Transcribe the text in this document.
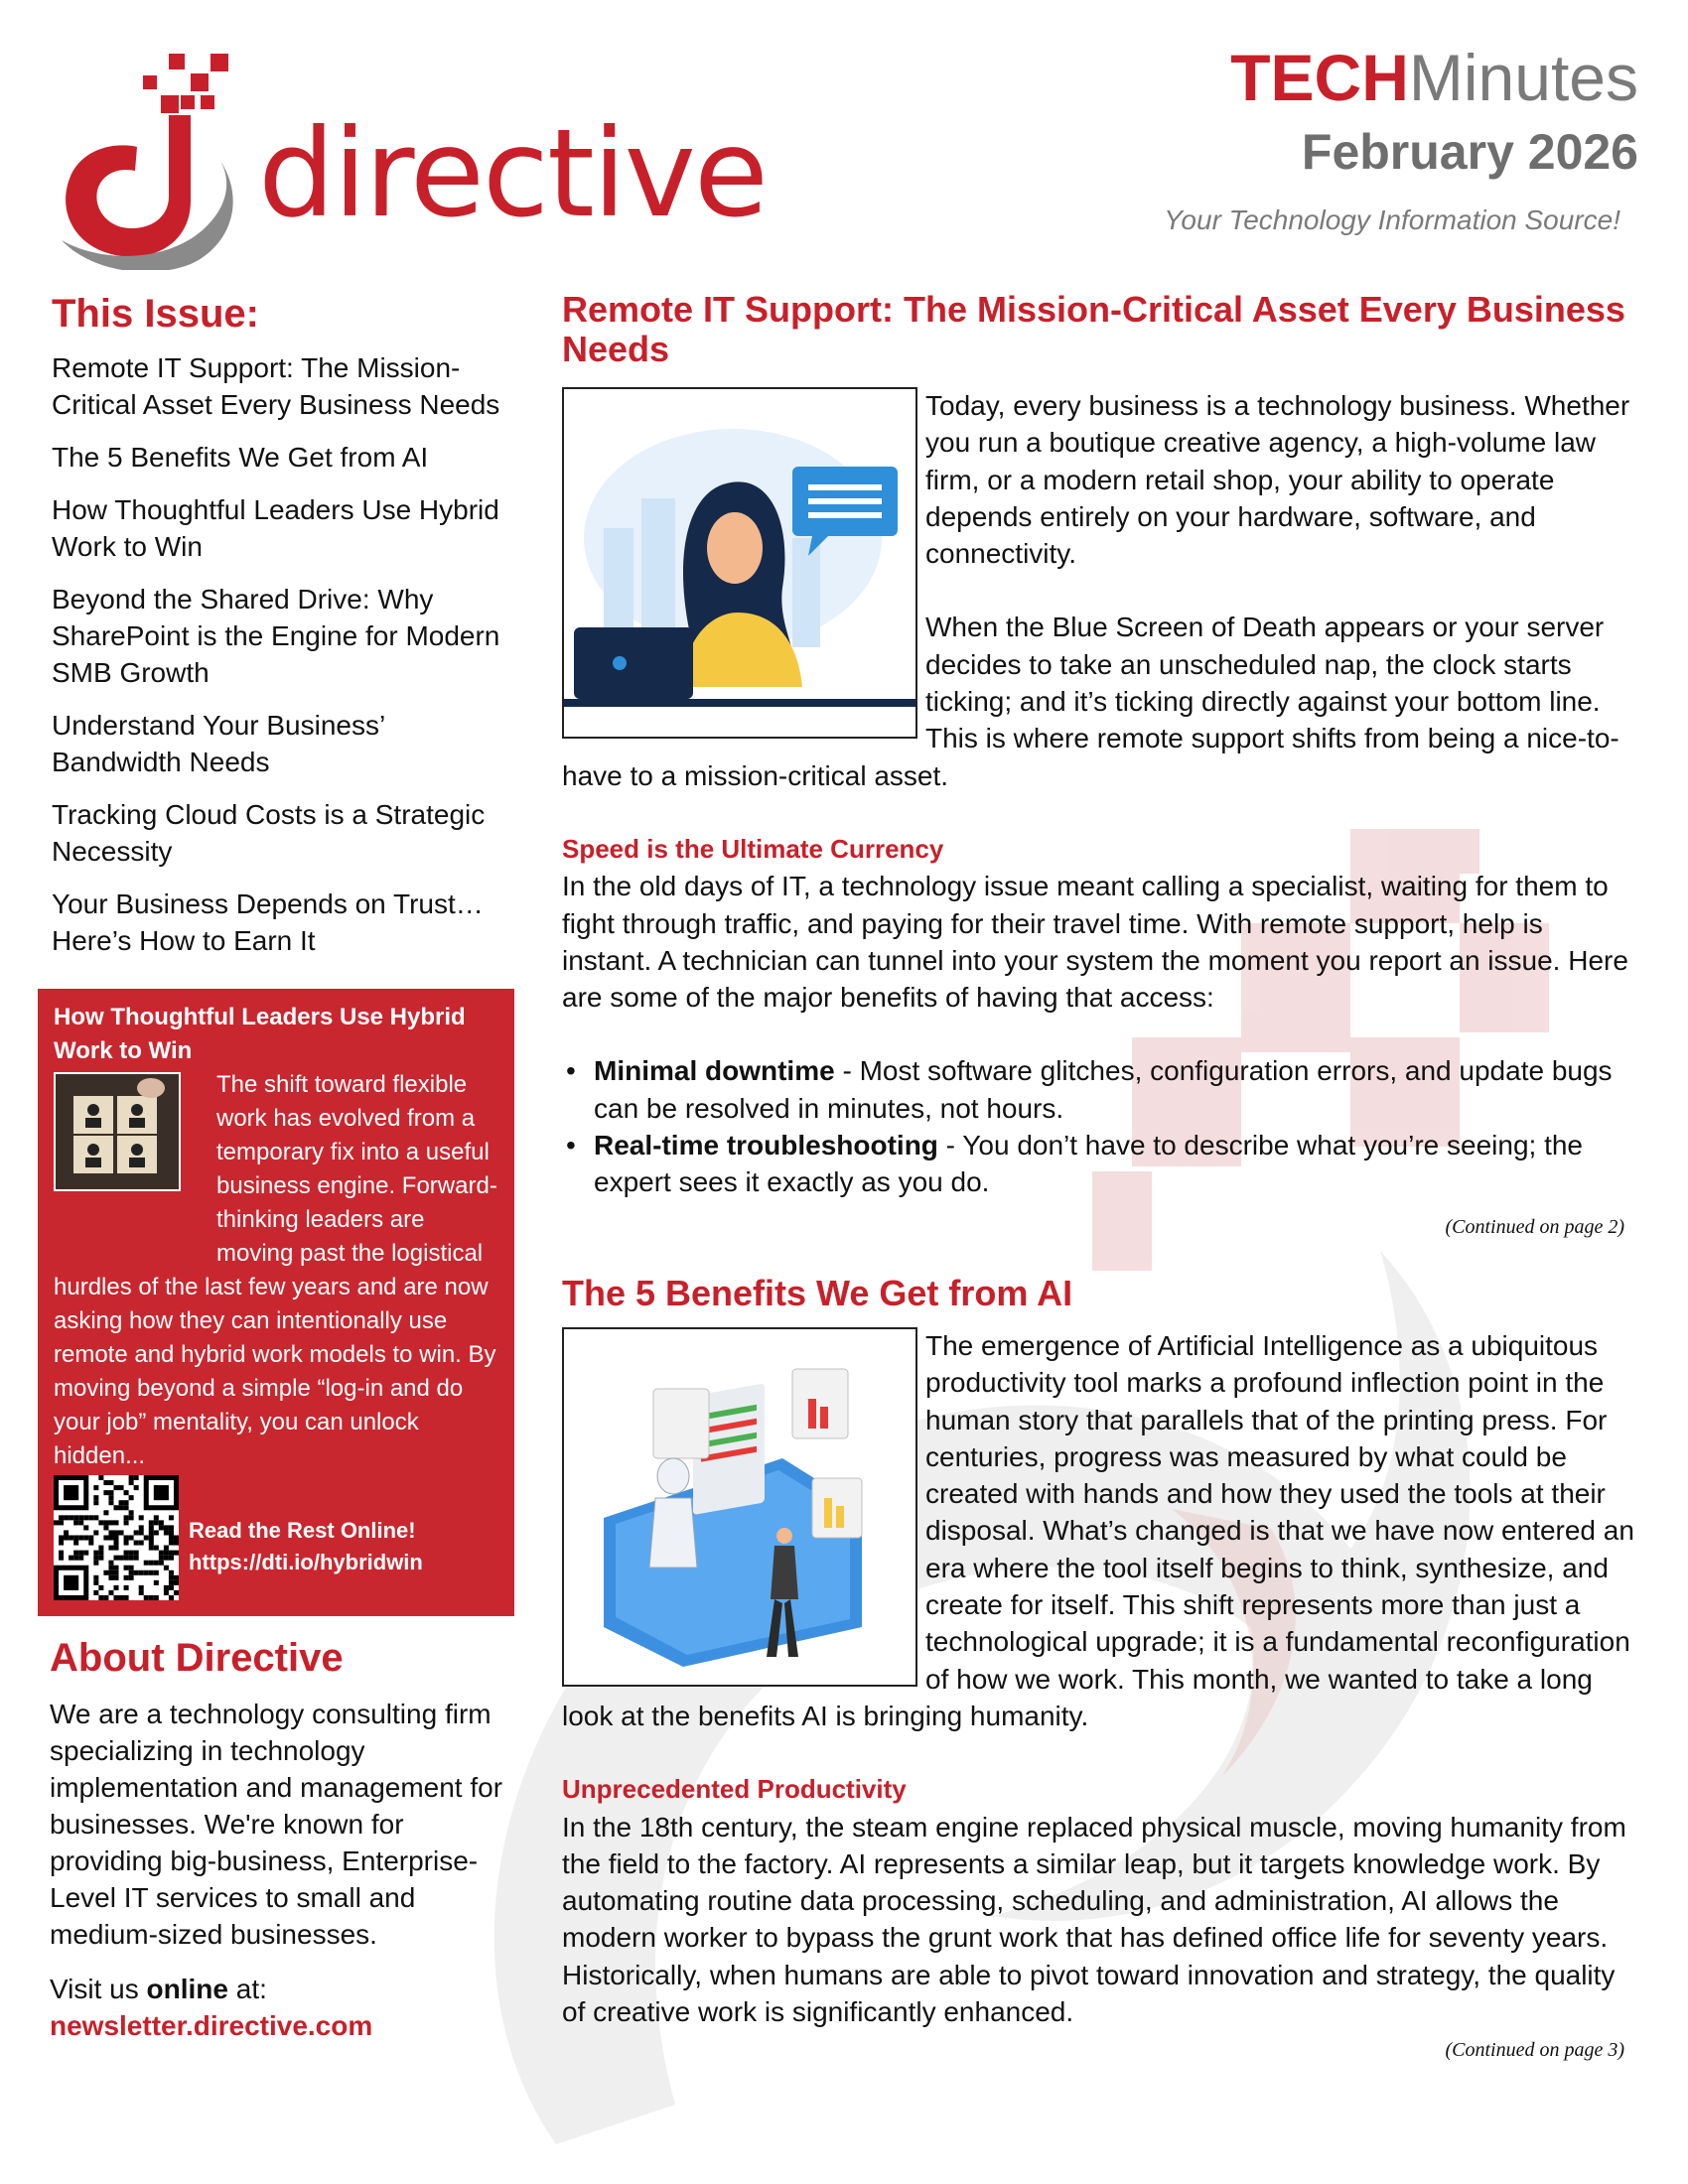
directive
TECHMinutes
February 2026
Your Technology Information Source!
This Issue:
Remote IT Support: The Mission-Critical Asset Every Business Needs
The 5 Benefits We Get from AI
How Thoughtful Leaders Use Hybrid Work to Win
Beyond the Shared Drive: Why SharePoint is the Engine for Modern SMB Growth
Understand Your Business’ Bandwidth Needs
Tracking Cloud Costs is a Strategic Necessity
Your Business Depends on Trust… Here’s How to Earn It
How Thoughtful Leaders Use Hybrid Work to Win
The shift toward flexible work has evolved from a temporary fix into a useful business engine. Forward-thinking leaders are moving past the logistical hurdles of the last few years and are now asking how they can intentionally use remote and hybrid work models to win. By moving beyond a simple “log-in and do your job” mentality, you can unlock hidden...
Read the Rest Online!
https://dti.io/hybridwin
About Directive
We are a technology consulting firm specializing in technology implementation and management for businesses. We're known for providing big-business, Enterprise-Level IT services to small and medium-sized businesses.
Visit us online at:
newsletter.directive.com
Remote IT Support: The Mission-Critical Asset Every Business Needs

Today, every business is a technology business. Whether you run a boutique creative agency, a high-volume law firm, or a modern retail shop, your ability to operate depends entirely on your hardware, software, and connectivity.

When the Blue Screen of Death appears or your server decides to take an unscheduled nap, the clock starts ticking; and it’s ticking directly against your bottom line. This is where remote support shifts from being a nice-to-have to a mission-critical asset.

Speed is the Ultimate Currency

In the old days of IT, a technology issue meant calling a specialist, waiting for them to fight through traffic, and paying for their travel time. With remote support, help is instant. A technician can tunnel into your system the moment you report an issue. Here are some of the major benefits of having that access:

• Minimal downtime - Most software glitches, configuration errors, and update bugs can be resolved in minutes, not hours.
• Real-time troubleshooting - You don’t have to describe what you’re seeing; the expert sees it exactly as you do.
(Continued on page 2)
The 5 Benefits We Get from AI

The emergence of Artificial Intelligence as a ubiquitous productivity tool marks a profound inflection point in the human story that parallels that of the printing press. For centuries, progress was measured by what could be created with hands and how they used the tools at their disposal. What’s changed is that we have now entered an era where the tool itself begins to think, synthesize, and create for itself. This shift represents more than just a technological upgrade; it is a fundamental reconfiguration of how we work. This month, we wanted to take a long look at the benefits AI is bringing humanity.

Unprecedented Productivity

In the 18th century, the steam engine replaced physical muscle, moving humanity from the field to the factory. AI represents a similar leap, but it targets knowledge work. By automating routine data processing, scheduling, and administration, AI allows the modern worker to bypass the grunt work that has defined office life for seventy years. Historically, when humans are able to pivot toward innovation and strategy, the quality of creative work is significantly enhanced.

(Continued on page 3)
